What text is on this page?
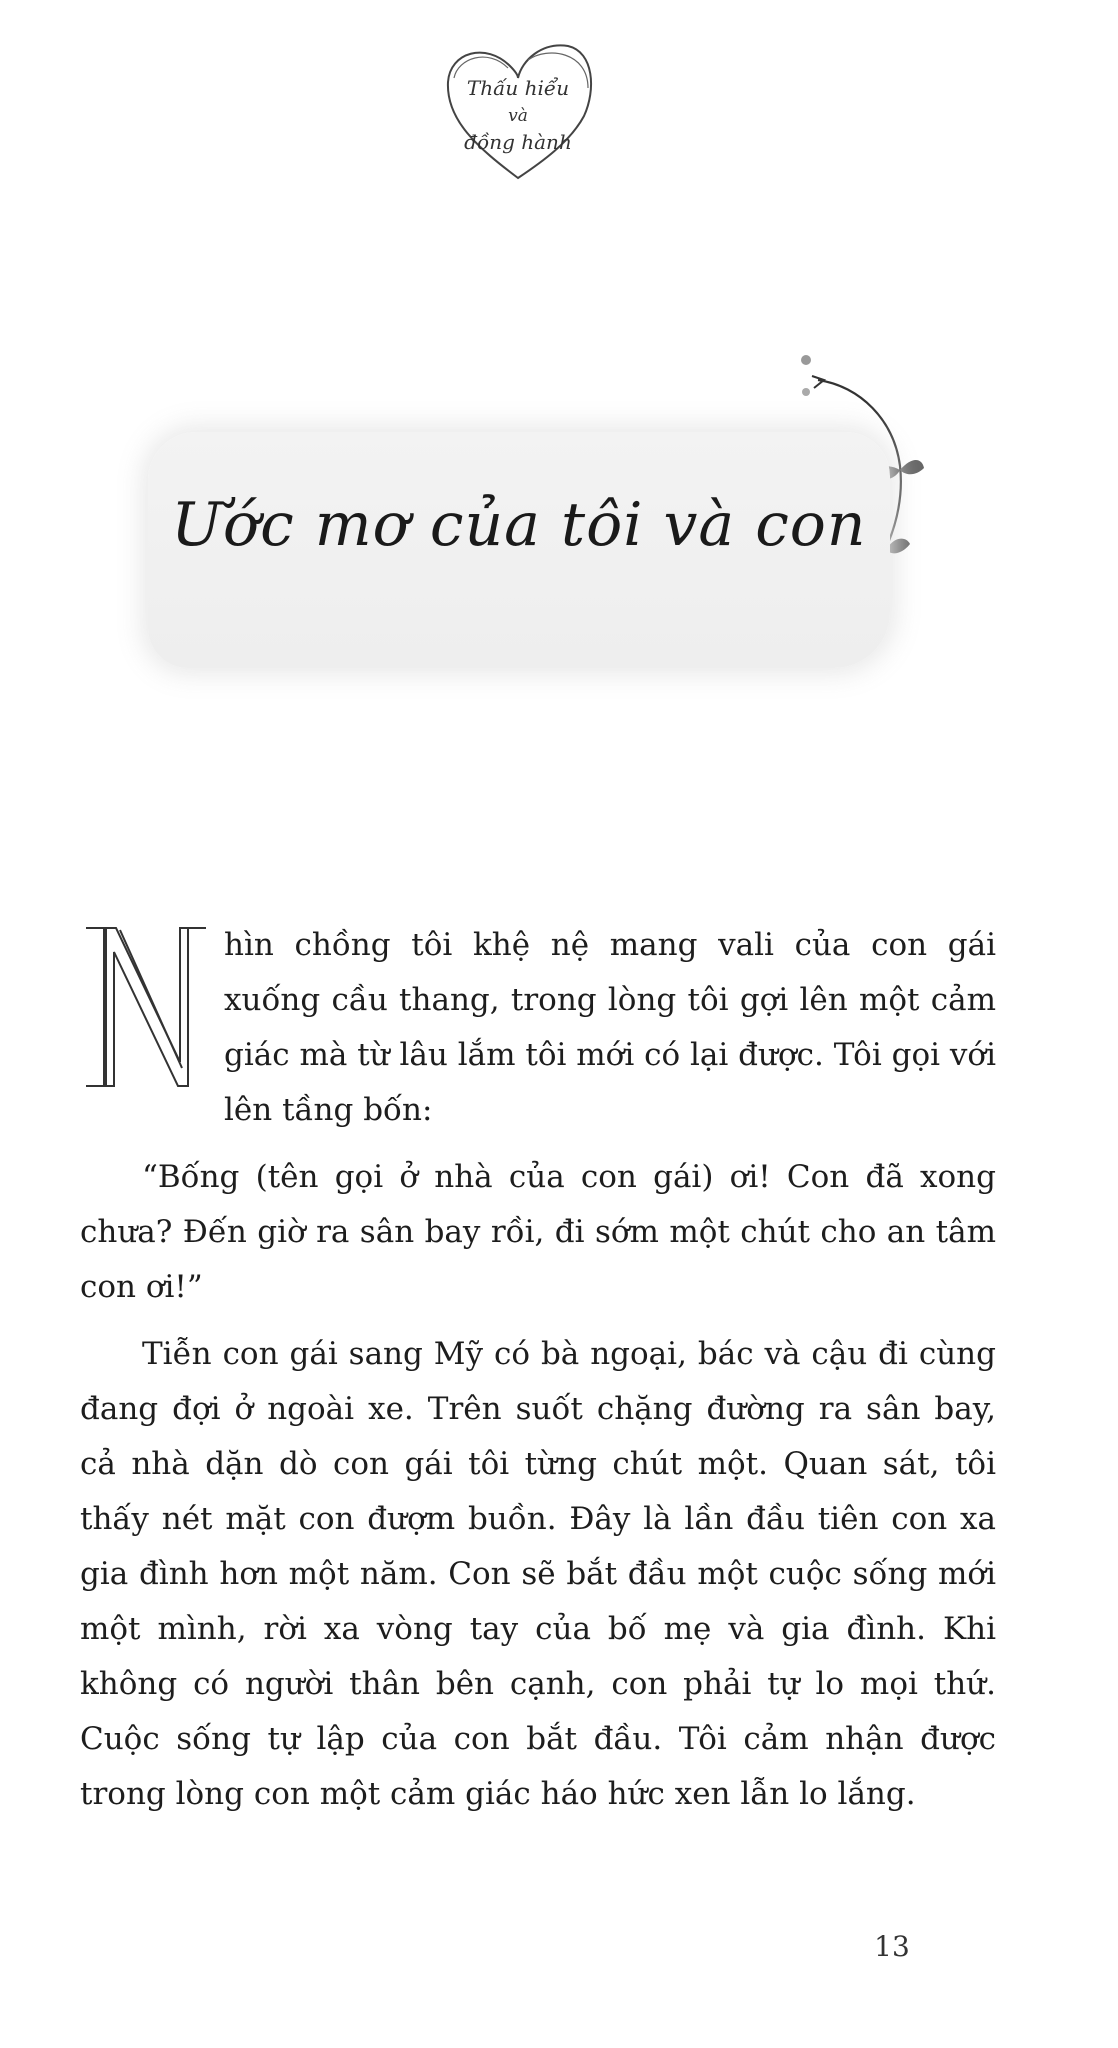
Thấu hiểu
và
đồng hành
Ước mơ của tôi và con

N
hìn chồng tôi khệ nệ mang vali của con gái xuống cầu thang, trong lòng tôi gợi lên một cảm giác mà từ lâu lắm tôi mới có lại được. Tôi gọi với lên tầng bốn:

“Bống (tên gọi ở nhà của con gái) ơi! Con đã xong chưa? Đến giờ ra sân bay rồi, đi sớm một chút cho an tâm con ơi!”

Tiễn con gái sang Mỹ có bà ngoại, bác và cậu đi cùng đang đợi ở ngoài xe. Trên suốt chặng đường ra sân bay, cả nhà dặn dò con gái tôi từng chút một. Quan sát, tôi thấy nét mặt con đượm buồn. Đây là lần đầu tiên con xa gia đình hơn một năm. Con sẽ bắt đầu một cuộc sống mới một mình, rời xa vòng tay của bố mẹ và gia đình. Khi không có người thân bên cạnh, con phải tự lo mọi thứ. Cuộc sống tự lập của con bắt đầu. Tôi cảm nhận được trong lòng con một cảm giác háo hức xen lẫn lo lắng.

13
